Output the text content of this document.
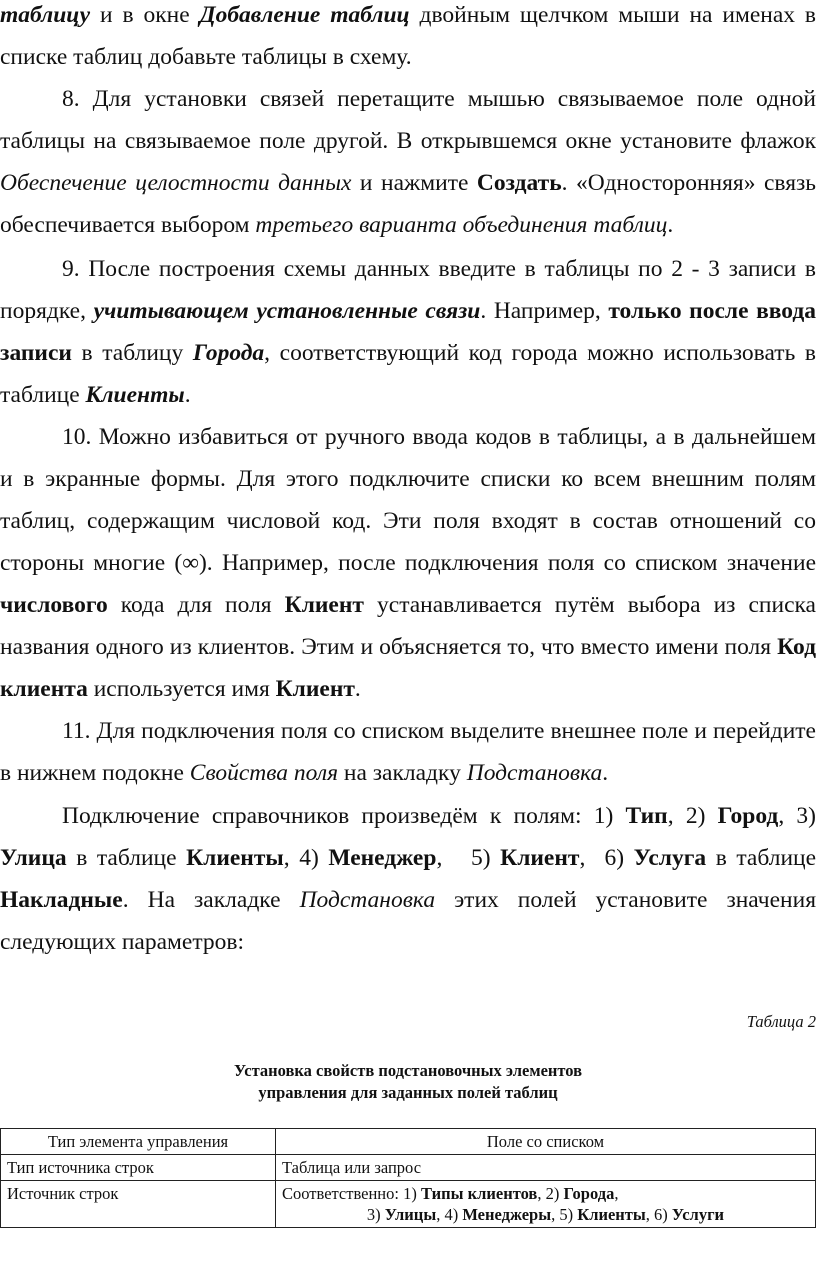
таблицу и в окне Добавление таблиц двойным щелчком мыши на именах в списке таблиц добавьте таблицы в схему.

8. Для установки связей перетащите мышью связываемое поле одной таблицы на связываемое поле другой. В открывшемся окне установите флажок Обеспечение целостности данных и нажмите Создать. «Односторонняя» связь обеспечивается выбором третьего варианта объединения таблиц.

9. После построения схемы данных введите в таблицы по 2 - 3 записи в порядке, учитывающем установленные связи. Например, только после ввода записи в таблицу Города, соответствующий код города можно использовать в таблице Клиенты.

10. Можно избавиться от ручного ввода кодов в таблицы, а в дальнейшем и в экранные формы. Для этого подключите списки ко всем внешним полям таблиц, содержащим числовой код. Эти поля входят в состав отношений со стороны многие (∞). Например, после подключения поля со списком значение числового кода для поля Клиент устанавливается путём выбора из списка названия одного из клиентов. Этим и объясняется то, что вместо имени поля Код клиента используется имя Клиент.

11. Для подключения поля со списком выделите внешнее поле и перейдите в нижнем подокне Свойства поля на закладку Подстановка.

Подключение справочников произведём к полям: 1) Тип, 2) Город, 3) Улица в таблице Клиенты, 4) Менеджер,   5) Клиент,  6) Услуга в таблице Накладные. На закладке Подстановка этих полей установите значения следующих параметров:

Таблица 2

Установка свойств подстановочных элементов
управления для заданных полей таблиц
Тип элемента управления	Поле со списком
Тип источника строк	Таблица или запрос
Источник строк	Соответственно: 1) Типы клиентов, 2) Города,
3) Улицы, 4) Менеджеры, 5) Клиенты, 6) Услуги
